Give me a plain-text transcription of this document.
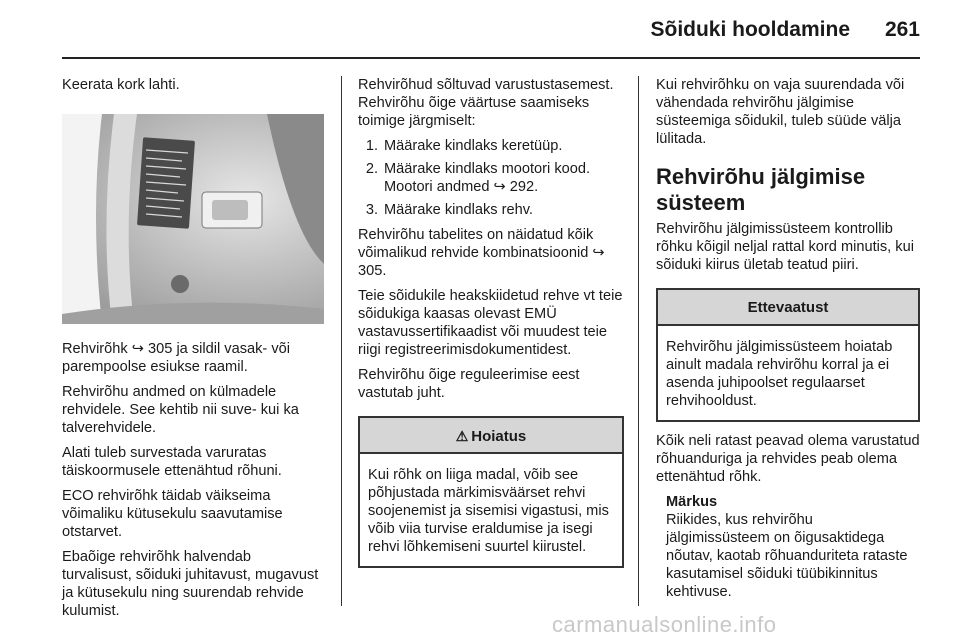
Sõiduki hooldamine 261

Keerata kork lahti.

Rehvirõhk ↪ 305 ja sildil vasak- või parempoolse esiukse raamil.

Rehvirõhu andmed on külmadele rehvidele. See kehtib nii suve- kui ka talverehvidele.

Alati tuleb survestada varuratas täiskoormusele ettenähtud rõhuni.

ECO rehvirõhk täidab väikseima võimaliku kütusekulu saavutamise otstarvet.

Ebaõige rehvirõhk halvendab turvalisust, sõiduki juhitavust, mugavust ja kütusekulu ning suurendab rehvide kulumist.

Rehvirõhud sõltuvad varustustasemest. Rehvirõhu õige väärtuse saamiseks toimige järgmiselt:

1. Määrake kindlaks keretüüp.
2. Määrake kindlaks mootori kood. Mootori andmed ↪ 292.
3. Määrake kindlaks rehv.

Rehvirõhu tabelites on näidatud kõik võimalikud rehvide kombinatsioonid ↪ 305.

Teie sõidukile heakskiidetud rehve vt teie sõidukiga kaasas olevast EMÜ vastavussertifikaadist või muudest teie riigi registreerimisdokumentidest.

Rehvirõhu õige reguleerimise eest vastutab juht.

⚠ Hoiatus
Kui rõhk on liiga madal, võib see põhjustada märkimisväärset rehvi soojenemist ja sisemisi vigastusi, mis võib viia turvise eraldumise ja isegi rehvi lõhkemiseni suurtel kiirustel.

Kui rehvirõhku on vaja suurendada või vähendada rehvirõhu jälgimise süsteemiga sõidukil, tuleb süüde välja lülitada.

Rehvirõhu jälgimise süsteem

Rehvirõhu jälgimissüsteem kontrollib rõhku kõigil neljal rattal kord minutis, kui sõiduki kiirus ületab teatud piiri.

Ettevaatust
Rehvirõhu jälgimissüsteem hoiatab ainult madala rehvirõhu korral ja ei asenda juhipoolset regulaarset rehvihooldust.

Kõik neli ratast peavad olema varustatud rõhuanduriga ja rehvides peab olema ettenähtud rõhk.

Märkus
Riikides, kus rehvirõhu jälgimissüsteem on õigusaktidega nõutav, kaotab rõhuanduriteta rataste kasutamisel sõiduki tüübikinnitus kehtivuse.
carmanualsonline.info
